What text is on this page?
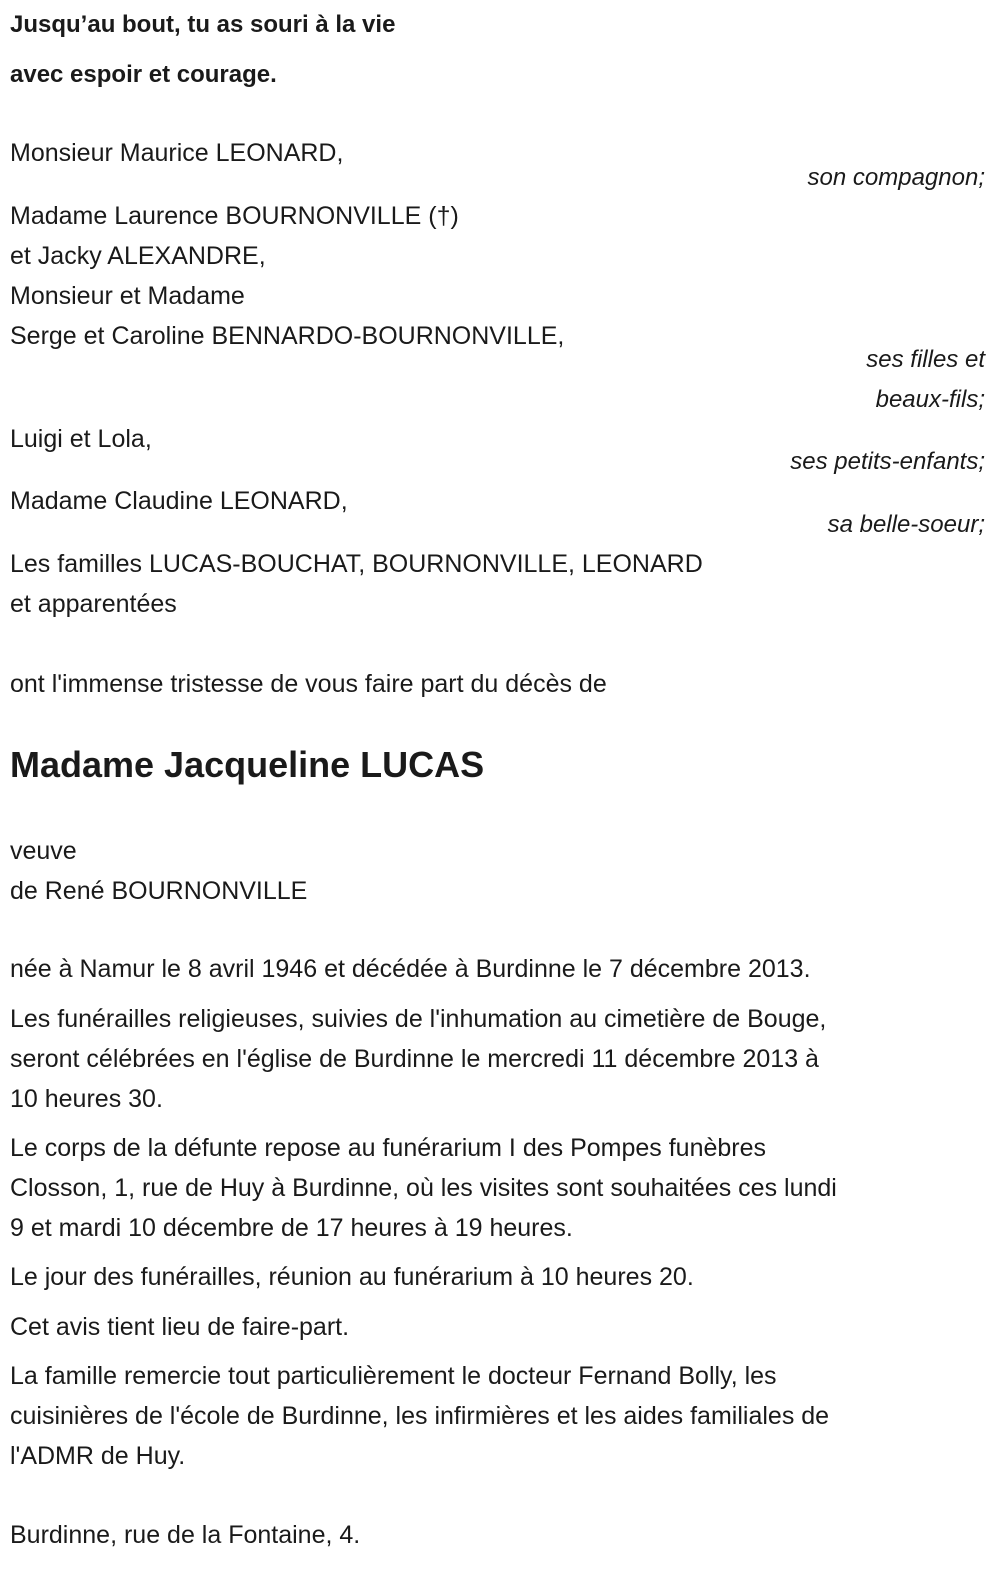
Jusqu’au bout, tu as souri à la vie
avec espoir et courage.
Monsieur Maurice LEONARD,
son compagnon;
Madame Laurence BOURNONVILLE (†)
et Jacky ALEXANDRE,
Monsieur et Madame
Serge et Caroline BENNARDO-BOURNONVILLE,
ses filles et
beaux-fils;
Luigi et Lola,
ses petits-enfants;
Madame Claudine LEONARD,
sa belle-soeur;
Les familles LUCAS-BOUCHAT, BOURNONVILLE, LEONARD
et apparentées
ont l'immense tristesse de vous faire part du décès de
Madame Jacqueline LUCAS
veuve
de René BOURNONVILLE
née à Namur le 8 avril 1946 et décédée à Burdinne le 7 décembre 2013.
Les funérailles religieuses, suivies de l'inhumation au cimetière de Bouge,
seront célébrées en l'église de Burdinne le mercredi 11 décembre 2013 à
10 heures 30.
Le corps de la défunte repose au funérarium I des Pompes funèbres
Closson, 1, rue de Huy à Burdinne, où les visites sont souhaitées ces lundi
9 et mardi 10 décembre de 17 heures à 19 heures.
Le jour des funérailles, réunion au funérarium à 10 heures 20.
Cet avis tient lieu de faire-part.
La famille remercie tout particulièrement le docteur Fernand Bolly, les
cuisinières de l'école de Burdinne, les infirmières et les aides familiales de
l'ADMR de Huy.
Burdinne, rue de la Fontaine, 4.
